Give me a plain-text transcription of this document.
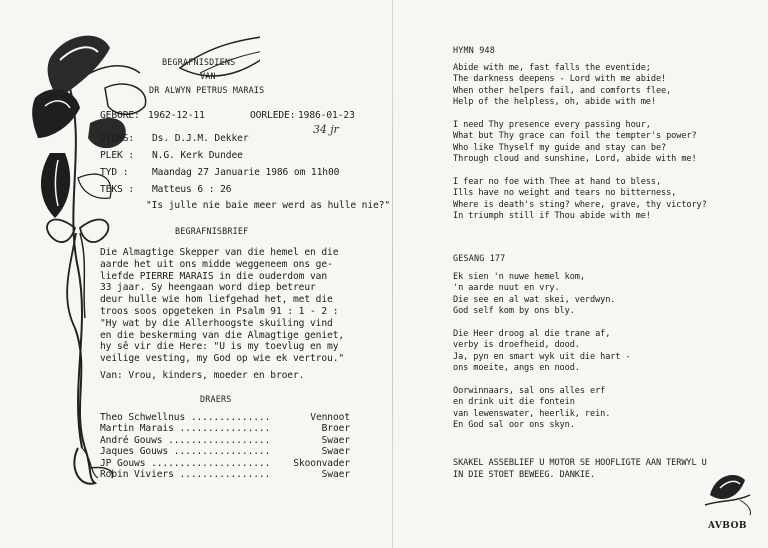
BEGRAFNISDIENS
VAN
DR ALWYN PETRUS MARAIS
GEBORE: 1962-12-11	OORLEDE: 1986-01-23
34 jr
DIENS:	Ds. D.J.M. Dekker
PLEK :	N.G. Kerk Dundee
TYD :	Maandag 27 Januarie 1986 om 11h00
TEKS :	Matteus 6 : 26
"Is julle nie baie meer werd as hulle nie?"
BEGRAFNISBRIEF
Die Almagtige Skepper van die hemel en die
aarde het uit ons midde weggeneem ons ge-
liefde PIERRE MARAIS in die ouderdom van
33 jaar. Sy heengaan word diep betreur
deur hulle wie hom liefgehad het, met die
troos soos opgeteken in Psalm 91 : 1 - 2 :
"Hy wat by die Allerhoogste skuiling vind
en die beskerming van die Almagtige geniet,
hy sê vir die Here: "U is my toevlug en my
veilige vesting, my God op wie ek vertrou."
Van: Vrou, kinders, moeder en broer.
DRAERS
Theo Schwellnus ..............	Vennoot
Martin Marais ................	Broer
André Gouws ..................	Swaer
Jaques Gouws .................	Swaer
JP Gouws ..................... Skoonvader
Robin Viviers ................	Swaer
HYMN 948
Abide with me, fast falls the eventide;
The darkness deepens - Lord with me abide!
When other helpers fail, and comforts flee,
Help of the helpless, oh, abide with me!

I need Thy presence every passing hour,
What but Thy grace can foil the tempter's power?
Who like Thyself my guide and stay can be?
Through cloud and sunshine, Lord, abide with me!

I fear no foe with Thee at hand to bless,
Ills have no weight and tears no bitterness,
Where is death's sting? where, grave, thy victory?
In triumph still if Thou abide with me!
GESANG 177
Ek sien 'n nuwe hemel kom,
'n aarde nuut en vry.
Die see en al wat skei, verdwyn.
God self kom by ons bly.

Die Heer droog al die trane af,
verby is droefheid, dood.
Ja, pyn en smart wyk uit die hart -
ons moeite, angs en nood.

Oorwinnaars, sal ons alles erf
en drink uit die fontein
van lewenswater, heerlik, rein.
En God sal oor ons skyn.
SKAKEL ASSEBLIEF U MOTOR SE HOOFLIGTE AAN TERWYL U
IN DIE STOET BEWEEG. DANKIE.
AVBOB
